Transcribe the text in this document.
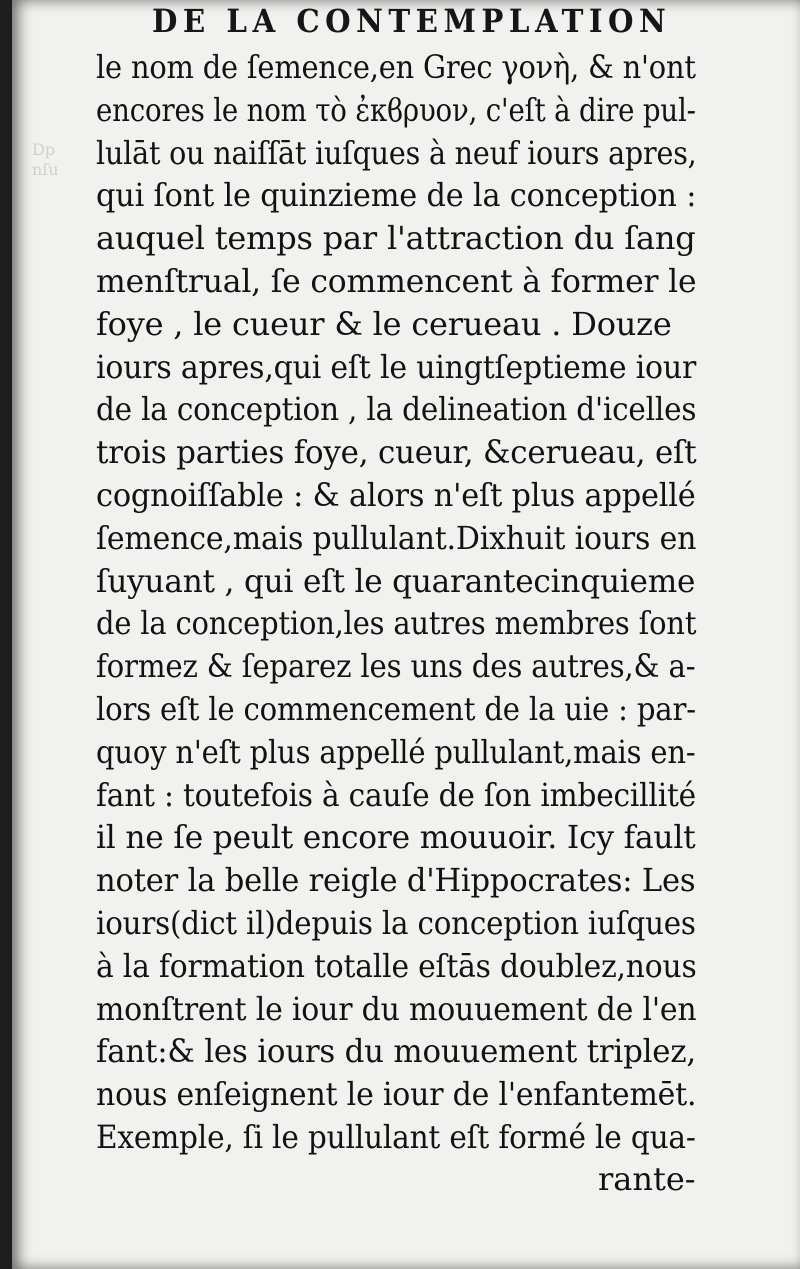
Dp
nſu
DE LA CONTEMPLATION
le nom de ſemence,en Grec γονὴ, & n'ont
encores le nom τὸ ἐκϐρυον, c'eſt à dire pul-
lulāt ou naiſſāt iuſques à neuf iours apres,
qui ſont le quinzieme de la conception :
auquel temps par l'attraction du ſang
menſtrual, ſe commencent à former le
foye , le cueur & le cerueau . Douze
iours apres,qui eſt le uingtſeptieme iour
de la conception , la delineation d'icelles
trois parties foye, cueur, &cerueau, eſt
cognoiſſable : & alors n'eſt plus appellé
ſemence,mais pullulant.Dixhuit iours en
ſuyuant , qui eſt le quarantecinquieme
de la conception,les autres membres ſont
formez & ſeparez les uns des autres,& a-
lors eſt le commencement de la uie : par-
quoy n'eſt plus appellé pullulant,mais en-
fant : toutefois à cauſe de ſon imbecillité
il ne ſe peult encore mouuoir. Icy fault
noter la belle reigle d'Hippocrates: Les
iours(dict il)depuis la conception iuſques
à la formation totalle eſtās doublez,nous
monſtrent le iour du mouuement de l'en
fant:& les iours du mouuement triplez,
nous enſeignent le iour de l'enfantemēt.
Exemple, ſi le pullulant eſt formé le qua-
rante-
